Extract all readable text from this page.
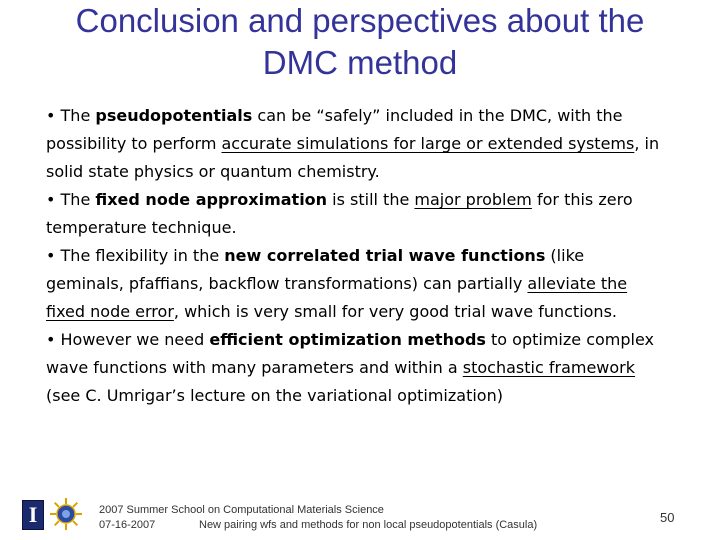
Conclusion and perspectives about the
DMC method

• The pseudopotentials can be “safely” included in the DMC, with the possibility to perform accurate simulations for large or extended systems, in solid state physics or quantum chemistry.

• The fixed node approximation is still the major problem for this zero temperature technique.

• The flexibility in the new correlated trial wave functions (like geminals, pfaffians, backflow transformations) can partially alleviate the fixed node error, which is very small for very good trial wave functions.

• However we need efficient optimization methods to optimize complex wave functions with many parameters and within a stochastic framework (see C. Umrigar’s lecture on the variational optimization)

I	2007 Summer School on Computational Materials Science
07-16-2007	New pairing wfs and methods for non local pseudopotentials (Casula)	50
